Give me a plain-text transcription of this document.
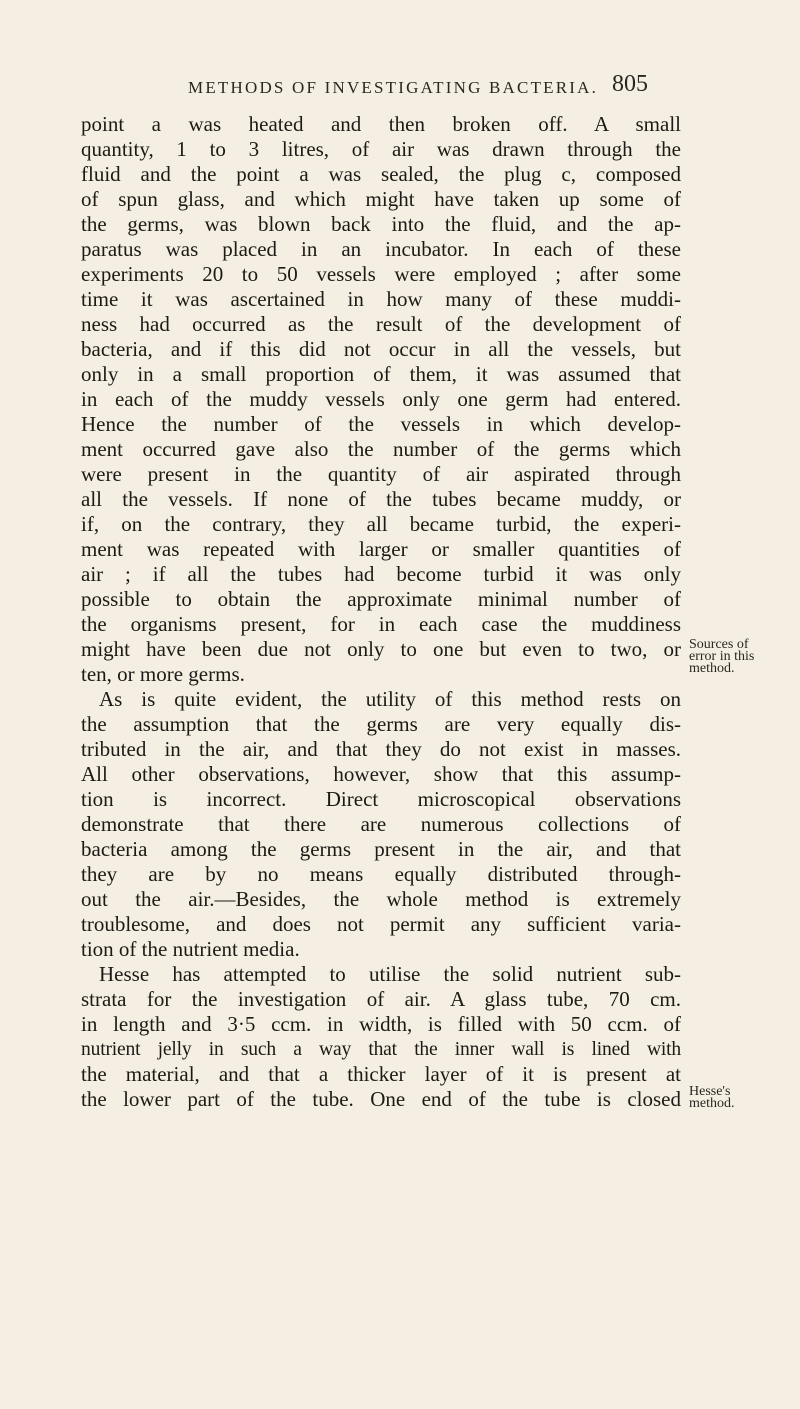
METHODS OF INVESTIGATING BACTERIA. 805
point a was heated and then broken off. A small
quantity, 1 to 3 litres, of air was drawn through the
fluid and the point a was sealed, the plug c, composed
of spun glass, and which might have taken up some of
the germs, was blown back into the fluid, and the ap-
paratus was placed in an incubator. In each of these
experiments 20 to 50 vessels were employed ; after some
time it was ascertained in how many of these muddi-
ness had occurred as the result of the development of
bacteria, and if this did not occur in all the vessels, but
only in a small proportion of them, it was assumed that
in each of the muddy vessels only one germ had entered.
Hence the number of the vessels in which develop-
ment occurred gave also the number of the germs which
were present in the quantity of air aspirated through
all the vessels. If none of the tubes became muddy, or
if, on the contrary, they all became turbid, the experi-
ment was repeated with larger or smaller quantities of
air ; if all the tubes had become turbid it was only
possible to obtain the approximate minimal number of
the organisms present, for in each case the muddiness
might have been due not only to one but even to two, or
ten, or more germs.
As is quite evident, the utility of this method rests on
the assumption that the germs are very equally dis-
tributed in the air, and that they do not exist in masses.
All other observations, however, show that this assump-
tion is incorrect. Direct microscopical observations
demonstrate that there are numerous collections of
bacteria among the germs present in the air, and that
they are by no means equally distributed through-
out the air.—Besides, the whole method is extremely
troublesome, and does not permit any sufficient varia-
tion of the nutrient media.
Hesse has attempted to utilise the solid nutrient sub-
strata for the investigation of air. A glass tube, 70 cm.
in length and 3·5 ccm. in width, is filled with 50 ccm. of
nutrient jelly in such a way that the inner wall is lined with
the material, and that a thicker layer of it is present at
the lower part of the tube. One end of the tube is closed
Sources of
error in this
method.
Hesse's
method.
